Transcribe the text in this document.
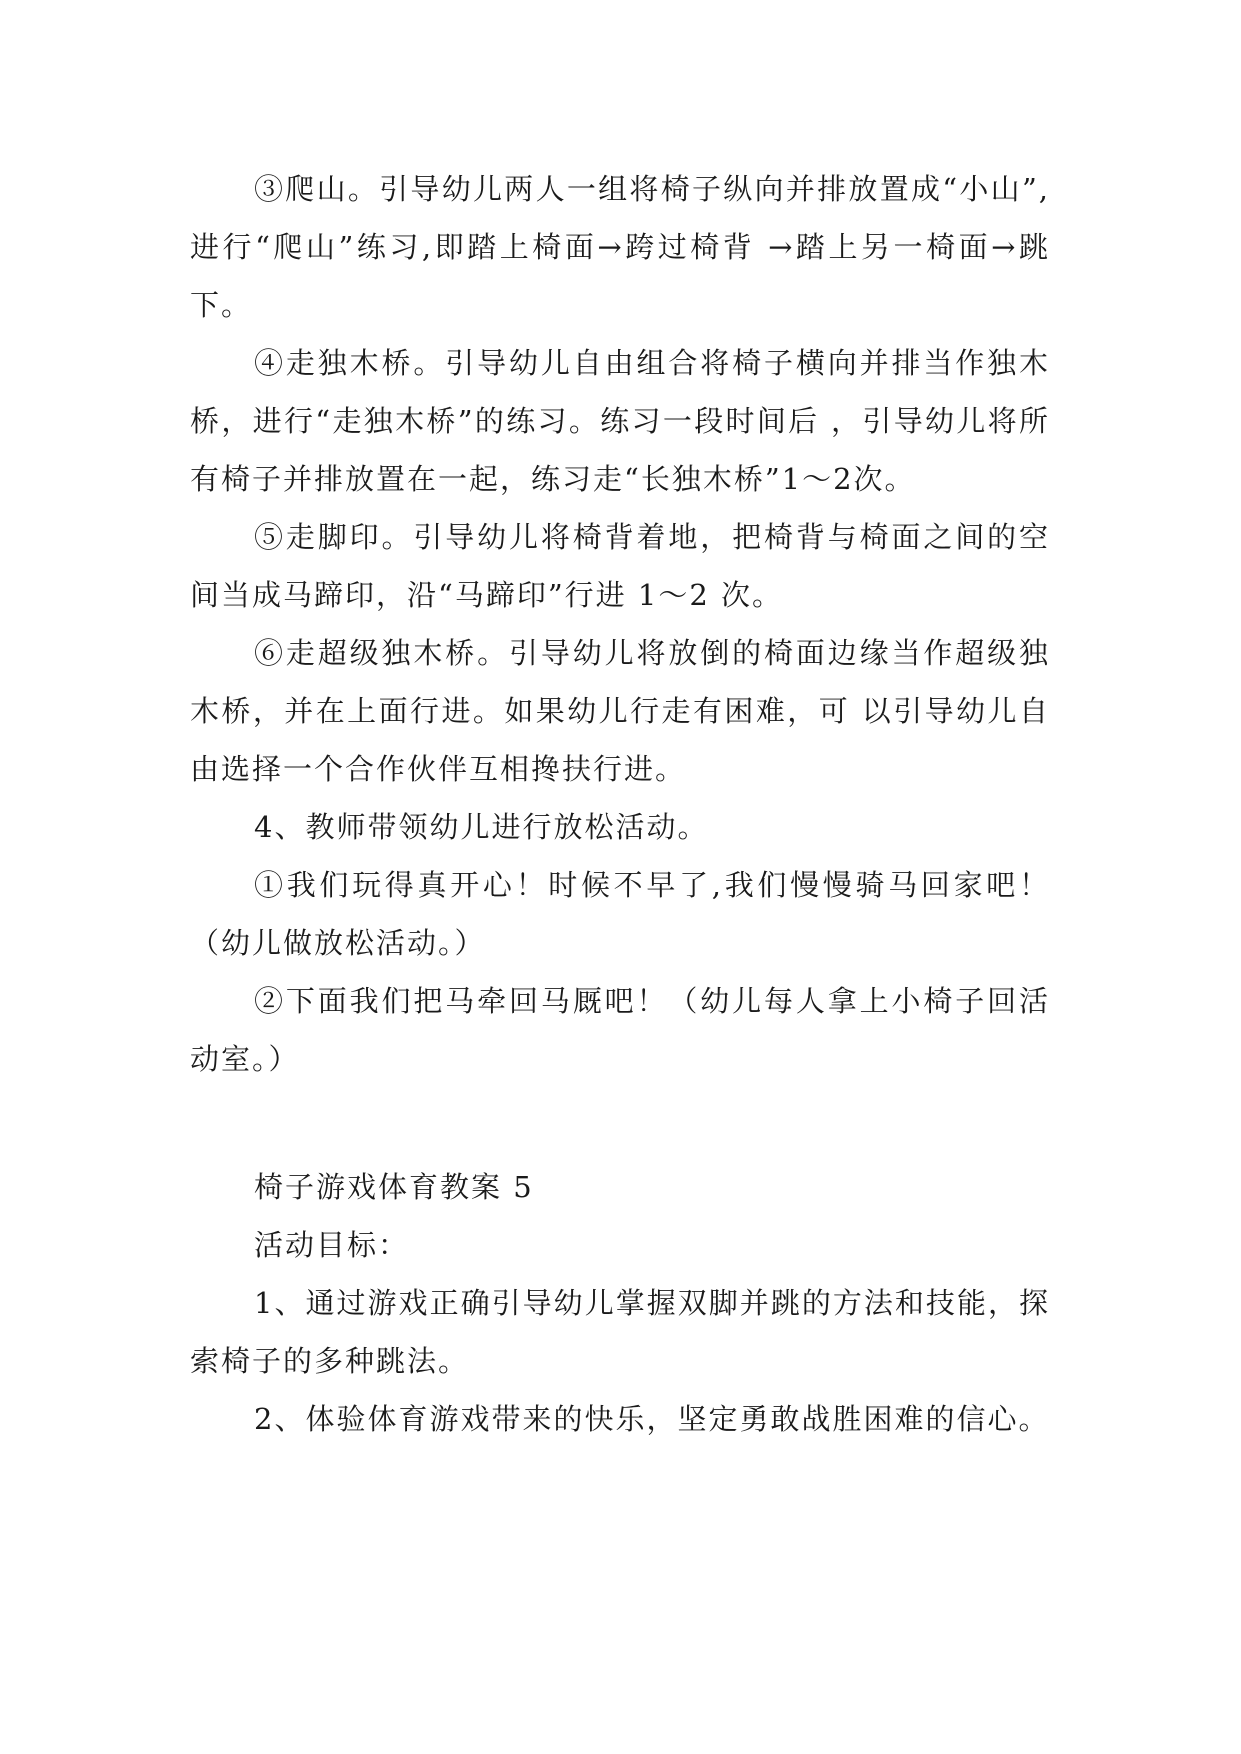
③爬山。引导幼儿两人一组将椅子纵向并排放置成“小山”,进行“爬山”练习,即踏上椅面→跨过椅背 →踏上另一椅面→跳下。

④走独木桥。引导幼儿自由组合将椅子横向并排当作独木桥，进行“走独木桥”的练习。练习一段时间后 ，引导幼儿将所有椅子并排放置在一起，练习走“长独木桥”1～2次。

⑤走脚印。引导幼儿将椅背着地，把椅背与椅面之间的空间当成马蹄印，沿“马蹄印”行进 1～2 次。

⑥走超级独木桥。引导幼儿将放倒的椅面边缘当作超级独木桥，并在上面行进。如果幼儿行走有困难，可 以引导幼儿自由选择一个合作伙伴互相搀扶行进。

4、教师带领幼儿进行放松活动。

①我们玩得真开心！时候不早了,我们慢慢骑马回家吧！（幼儿做放松活动。）

②下面我们把马牵回马厩吧！（幼儿每人拿上小椅子回活动室。）

椅子游戏体育教案 5

活动目标：

1、通过游戏正确引导幼儿掌握双脚并跳的方法和技能，探索椅子的多种跳法。

2、体验体育游戏带来的快乐，坚定勇敢战胜困难的信心。
